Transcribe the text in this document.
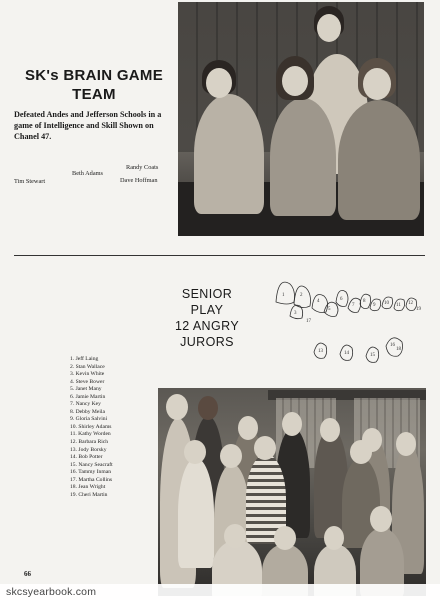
SK's BRAIN GAME
TEAM
Defeated Andes and Jefferson Schools in a game of Intelligence and Skill Shown on Chanel 47.
Randy Coats
Beth Adams
Tim Stewart	Dave Hoffman
SENIOR
PLAY
12 ANGRY
JURORS
1	2
3
4
5
6
7
8
9 10 11 12
13	14	15
16
17
18
19
1. Jeff Laing
2. Stan Wallace
3. Kevin White
4. Steve Bower
5. Janet Many
6. Jamie Martin
7. Nancy Key
8. Debby Meila
9. Gloria Salvini
10. Shirley Adams
11. Kathy Worden
12. Barbara Rich
13. Jody Borsky
14. Bob Potter
15. Nancy Seacraft
16. Tammy Inman
17. Martha Collins
18. Jean Wright
19. Cheri Martin
66
skcsyearbook.com
